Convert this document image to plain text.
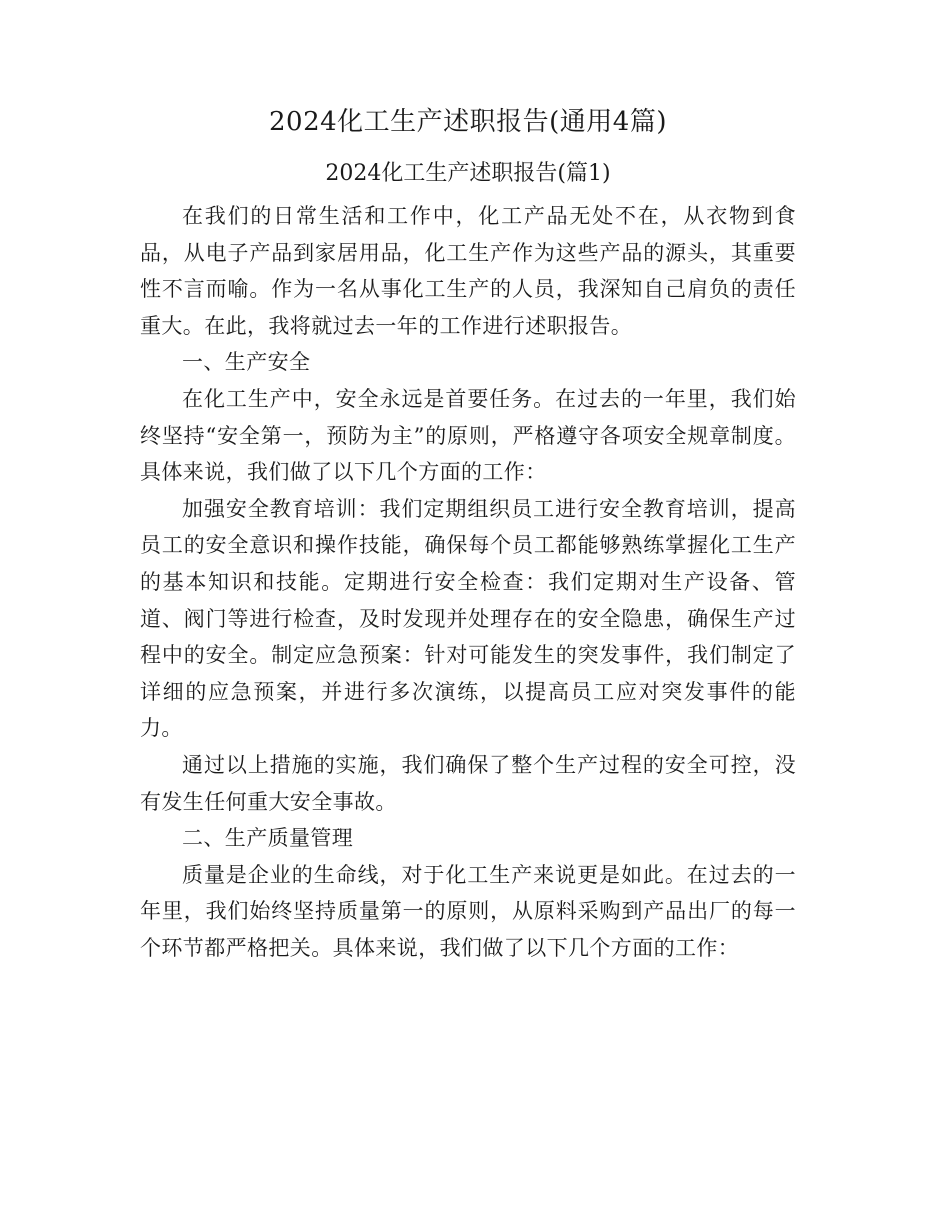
2024化工生产述职报告(通用4篇)
2024化工生产述职报告(篇1)

在我们的日常生活和工作中，化工产品无处不在，从衣物到食品，从电子产品到家居用品，化工生产作为这些产品的源头，其重要性不言而喻。作为一名从事化工生产的人员，我深知自己肩负的责任重大。在此，我将就过去一年的工作进行述职报告。

一、生产安全

在化工生产中，安全永远是首要任务。在过去的一年里，我们始终坚持“安全第一，预防为主”的原则，严格遵守各项安全规章制度。具体来说，我们做了以下几个方面的工作：

加强安全教育培训：我们定期组织员工进行安全教育培训，提高员工的安全意识和操作技能，确保每个员工都能够熟练掌握化工生产的基本知识和技能。定期进行安全检查：我们定期对生产设备、管道、阀门等进行检查，及时发现并处理存在的安全隐患，确保生产过程中的安全。制定应急预案：针对可能发生的突发事件，我们制定了详细的应急预案，并进行多次演练，以提高员工应对突发事件的能力。

通过以上措施的实施，我们确保了整个生产过程的安全可控，没有发生任何重大安全事故。

二、生产质量管理

质量是企业的生命线，对于化工生产来说更是如此。在过去的一年里，我们始终坚持质量第一的原则，从原料采购到产品出厂的每一个环节都严格把关。具体来说，我们做了以下几个方面的工作：
